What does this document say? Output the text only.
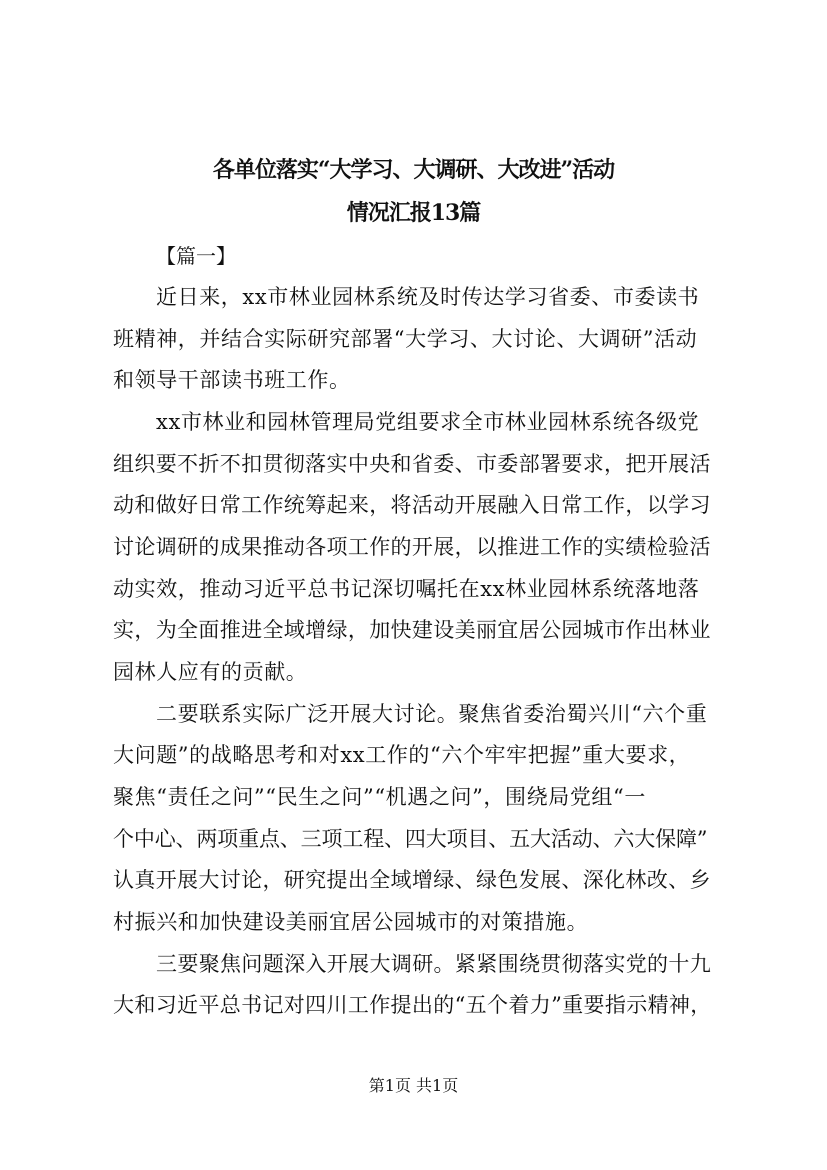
各单位落实“大学习、大调研、大改进”活动
情况汇报13篇
【篇一】
近日来，xx市林业园林系统及时传达学习省委、市委读书
班精神，并结合实际研究部署“大学习、大讨论、大调研”活动
和领导干部读书班工作。
xx市林业和园林管理局党组要求全市林业园林系统各级党
组织要不折不扣贯彻落实中央和省委、市委部署要求，把开展活
动和做好日常工作统筹起来，将活动开展融入日常工作，以学习
讨论调研的成果推动各项工作的开展，以推进工作的实绩检验活
动实效，推动习近平总书记深切嘱托在xx林业园林系统落地落
实，为全面推进全域增绿，加快建设美丽宜居公园城市作出林业
园林人应有的贡献。
二要联系实际广泛开展大讨论。聚焦省委治蜀兴川“六个重
大问题”的战略思考和对xx工作的“六个牢牢把握”重大要求，
聚焦“责任之问”“民生之问”“机遇之问”，围绕局党组“一
个中心、两项重点、三项工程、四大项目、五大活动、六大保障”
认真开展大讨论，研究提出全域增绿、绿色发展、深化林改、乡
村振兴和加快建设美丽宜居公园城市的对策措施。
三要聚焦问题深入开展大调研。紧紧围绕贯彻落实党的十九
大和习近平总书记对四川工作提出的“五个着力”重要指示精神，
第1页 共1页
